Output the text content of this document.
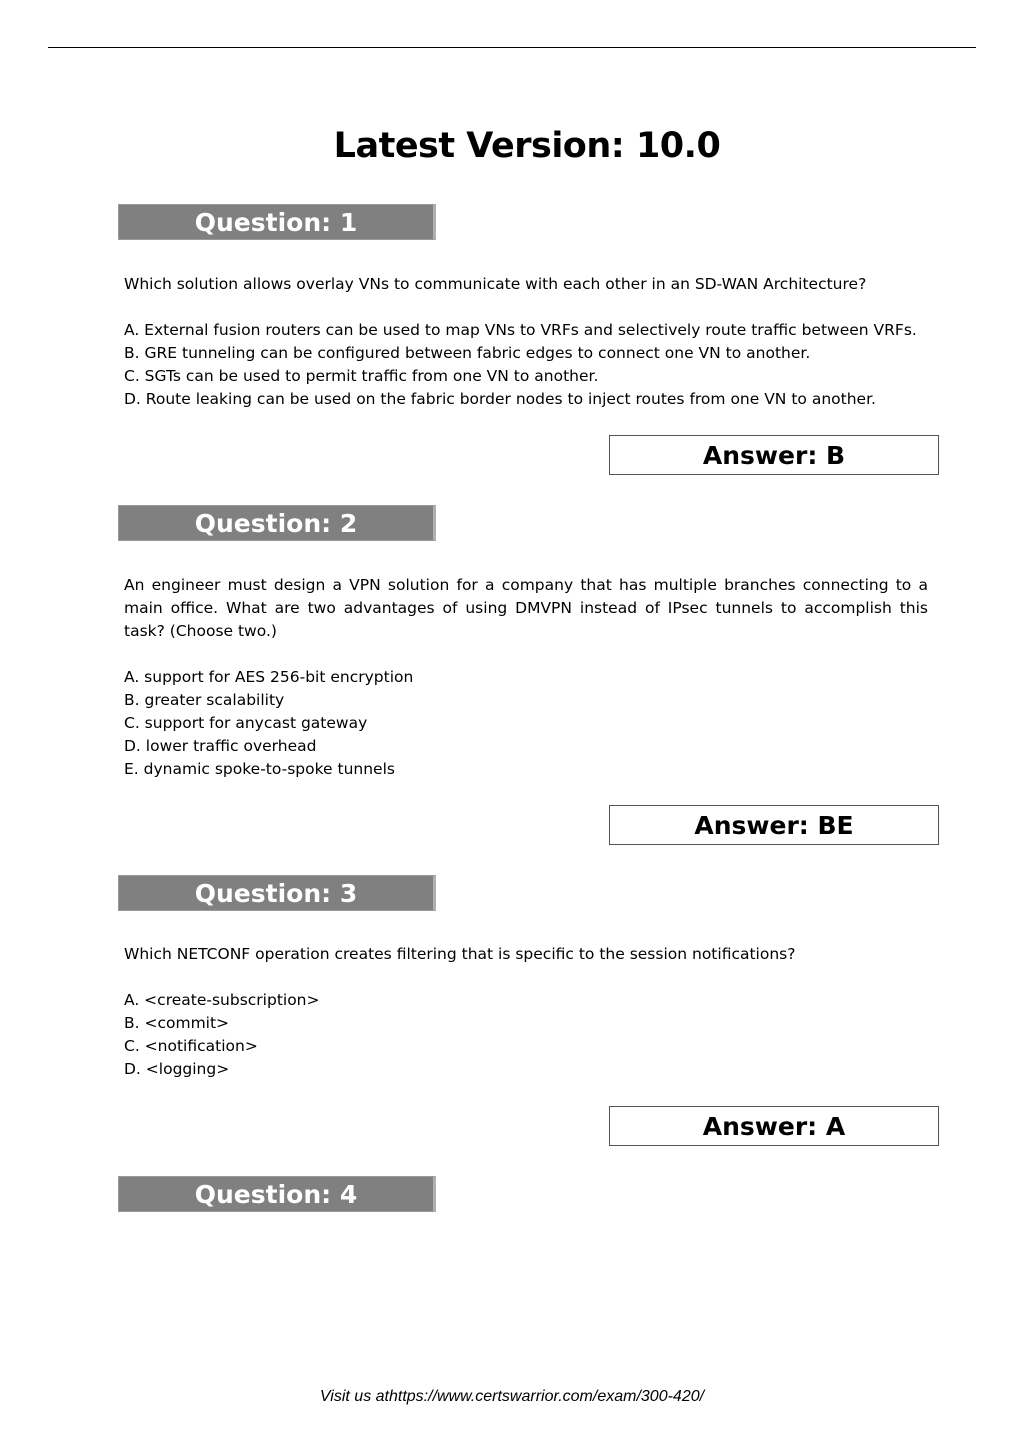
Latest Version: 10.0
Question: 1

Which solution allows overlay VNs to communicate with each other in an SD-WAN Architecture?

A. External fusion routers can be used to map VNs to VRFs and selectively route traffic between VRFs.

B. GRE tunneling can be configured between fabric edges to connect one VN to another.

C. SGTs can be used to permit traffic from one VN to another.

D. Route leaking can be used on the fabric border nodes to inject routes from one VN to another.

Answer: B
Question: 2

An engineer must design a VPN solution for a company that has multiple branches connecting to a main office. What are two advantages of using DMVPN instead of IPsec tunnels to accomplish this task? (Choose two.)

A. support for AES 256-bit encryption

B. greater scalability

C. support for anycast gateway

D. lower traffic overhead

E. dynamic spoke-to-spoke tunnels

Answer: BE
Question: 3

Which NETCONF operation creates filtering that is specific to the session notifications?

A. <create-subscription>

B. <commit>

C. <notification>

D. <logging>

Answer: A
Question: 4
Visit us athttps://www.certswarrior.com/exam/300-420/
